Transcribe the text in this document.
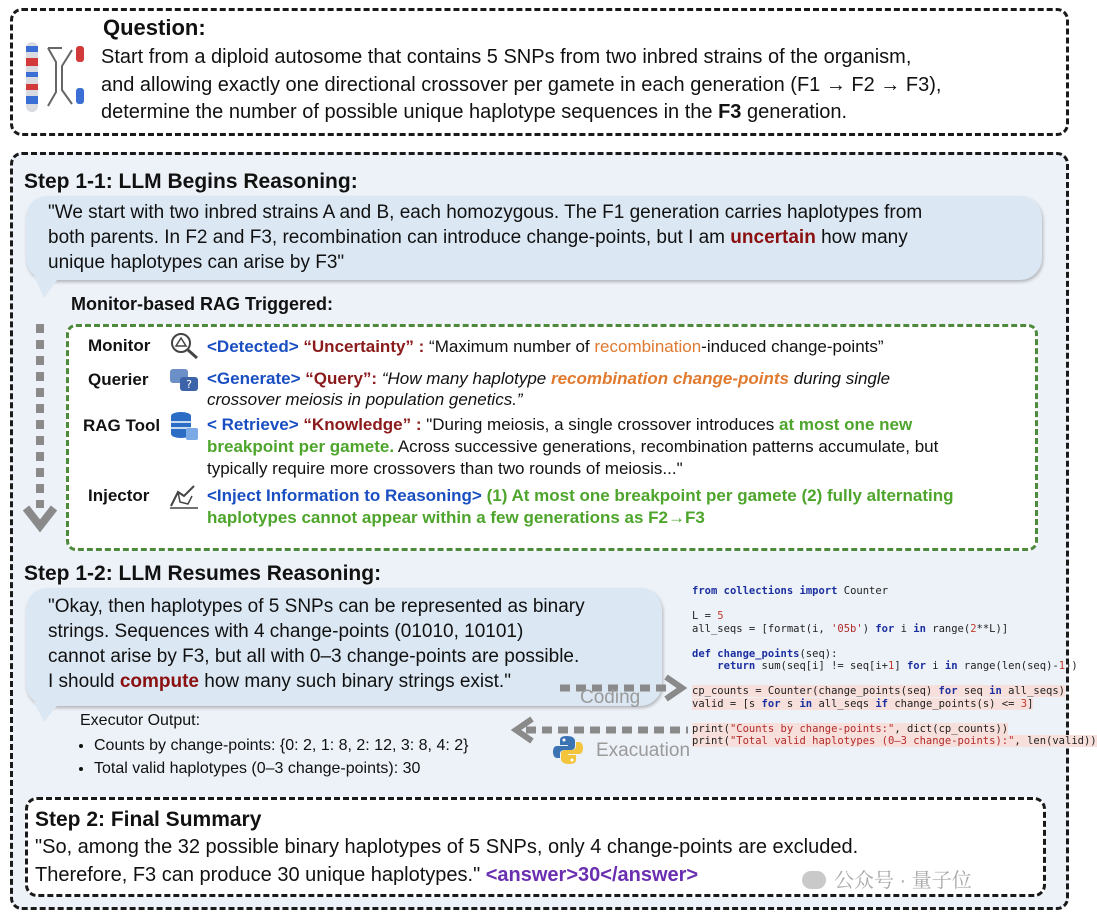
Question:
Start from a diploid autosome that contains 5 SNPs from two inbred strains of the organism,
and allowing exactly one directional crossover per gamete in each generation (F1 → F2 → F3),
determine the number of possible unique haplotype sequences in the F3 generation.
Step 1-1: LLM Begins Reasoning:
"We start with two inbred strains A and B, each homozygous. The F1 generation carries haplotypes from
both parents. In F2 and F3, recombination can introduce change-points, but I am uncertain how many
unique haplotypes can arise by F3"
Monitor-based RAG Triggered:
Monitor	<Detected> “Uncertainty” : “Maximum number of recombination-induced change-points”
Querier	? <Generate> “Query”: “How many haplotype recombination change-points during single
crossover meiosis in population genetics.”
RAG Tool	< Retrieve> “Knowledge” : "During meiosis, a single crossover introduces at most one new
breakpoint per gamete. Across successive generations, recombination patterns accumulate, but
typically require more crossovers than two rounds of meiosis..."
Injector	<Inject Information to Reasoning> (1) At most one breakpoint per gamete (2) fully alternating
haplotypes cannot appear within a few generations as F2→F3
Step 1-2: LLM Resumes Reasoning:
"Okay, then haplotypes of 5 SNPs can be represented as binary
strings. Sequences with 4 change-points (01010, 10101)
cannot arise by F3, but all with 0–3 change-points are possible.
I should compute how many such binary strings exist."
Coding
Exacuation
from collections import Counter

L = 5
all_seqs = [format(i, '05b') for i in range(2**L)]

def change_points(seq):
return sum(seq[i] != seq[i+1] for i in range(len(seq)-1))

cp_counts = Counter(change_points(seq) for seq in all_seqs)
valid = [s for s in all_seqs if change_points(s) <= 3]

print("Counts by change-points:", dict(cp_counts))
print("Total valid haplotypes (0–3 change-points):", len(valid))
Executor Output:
• Counts by change-points: {0: 2, 1: 8, 2: 12, 3: 8, 4: 2}
• Total valid haplotypes (0–3 change-points): 30
Step 2: Final Summary
"So, among the 32 possible binary haplotypes of 5 SNPs, only 4 change-points are excluded.
Therefore, F3 can produce 30 unique haplotypes." <answer>30</answer>	公众号 · 量子位
